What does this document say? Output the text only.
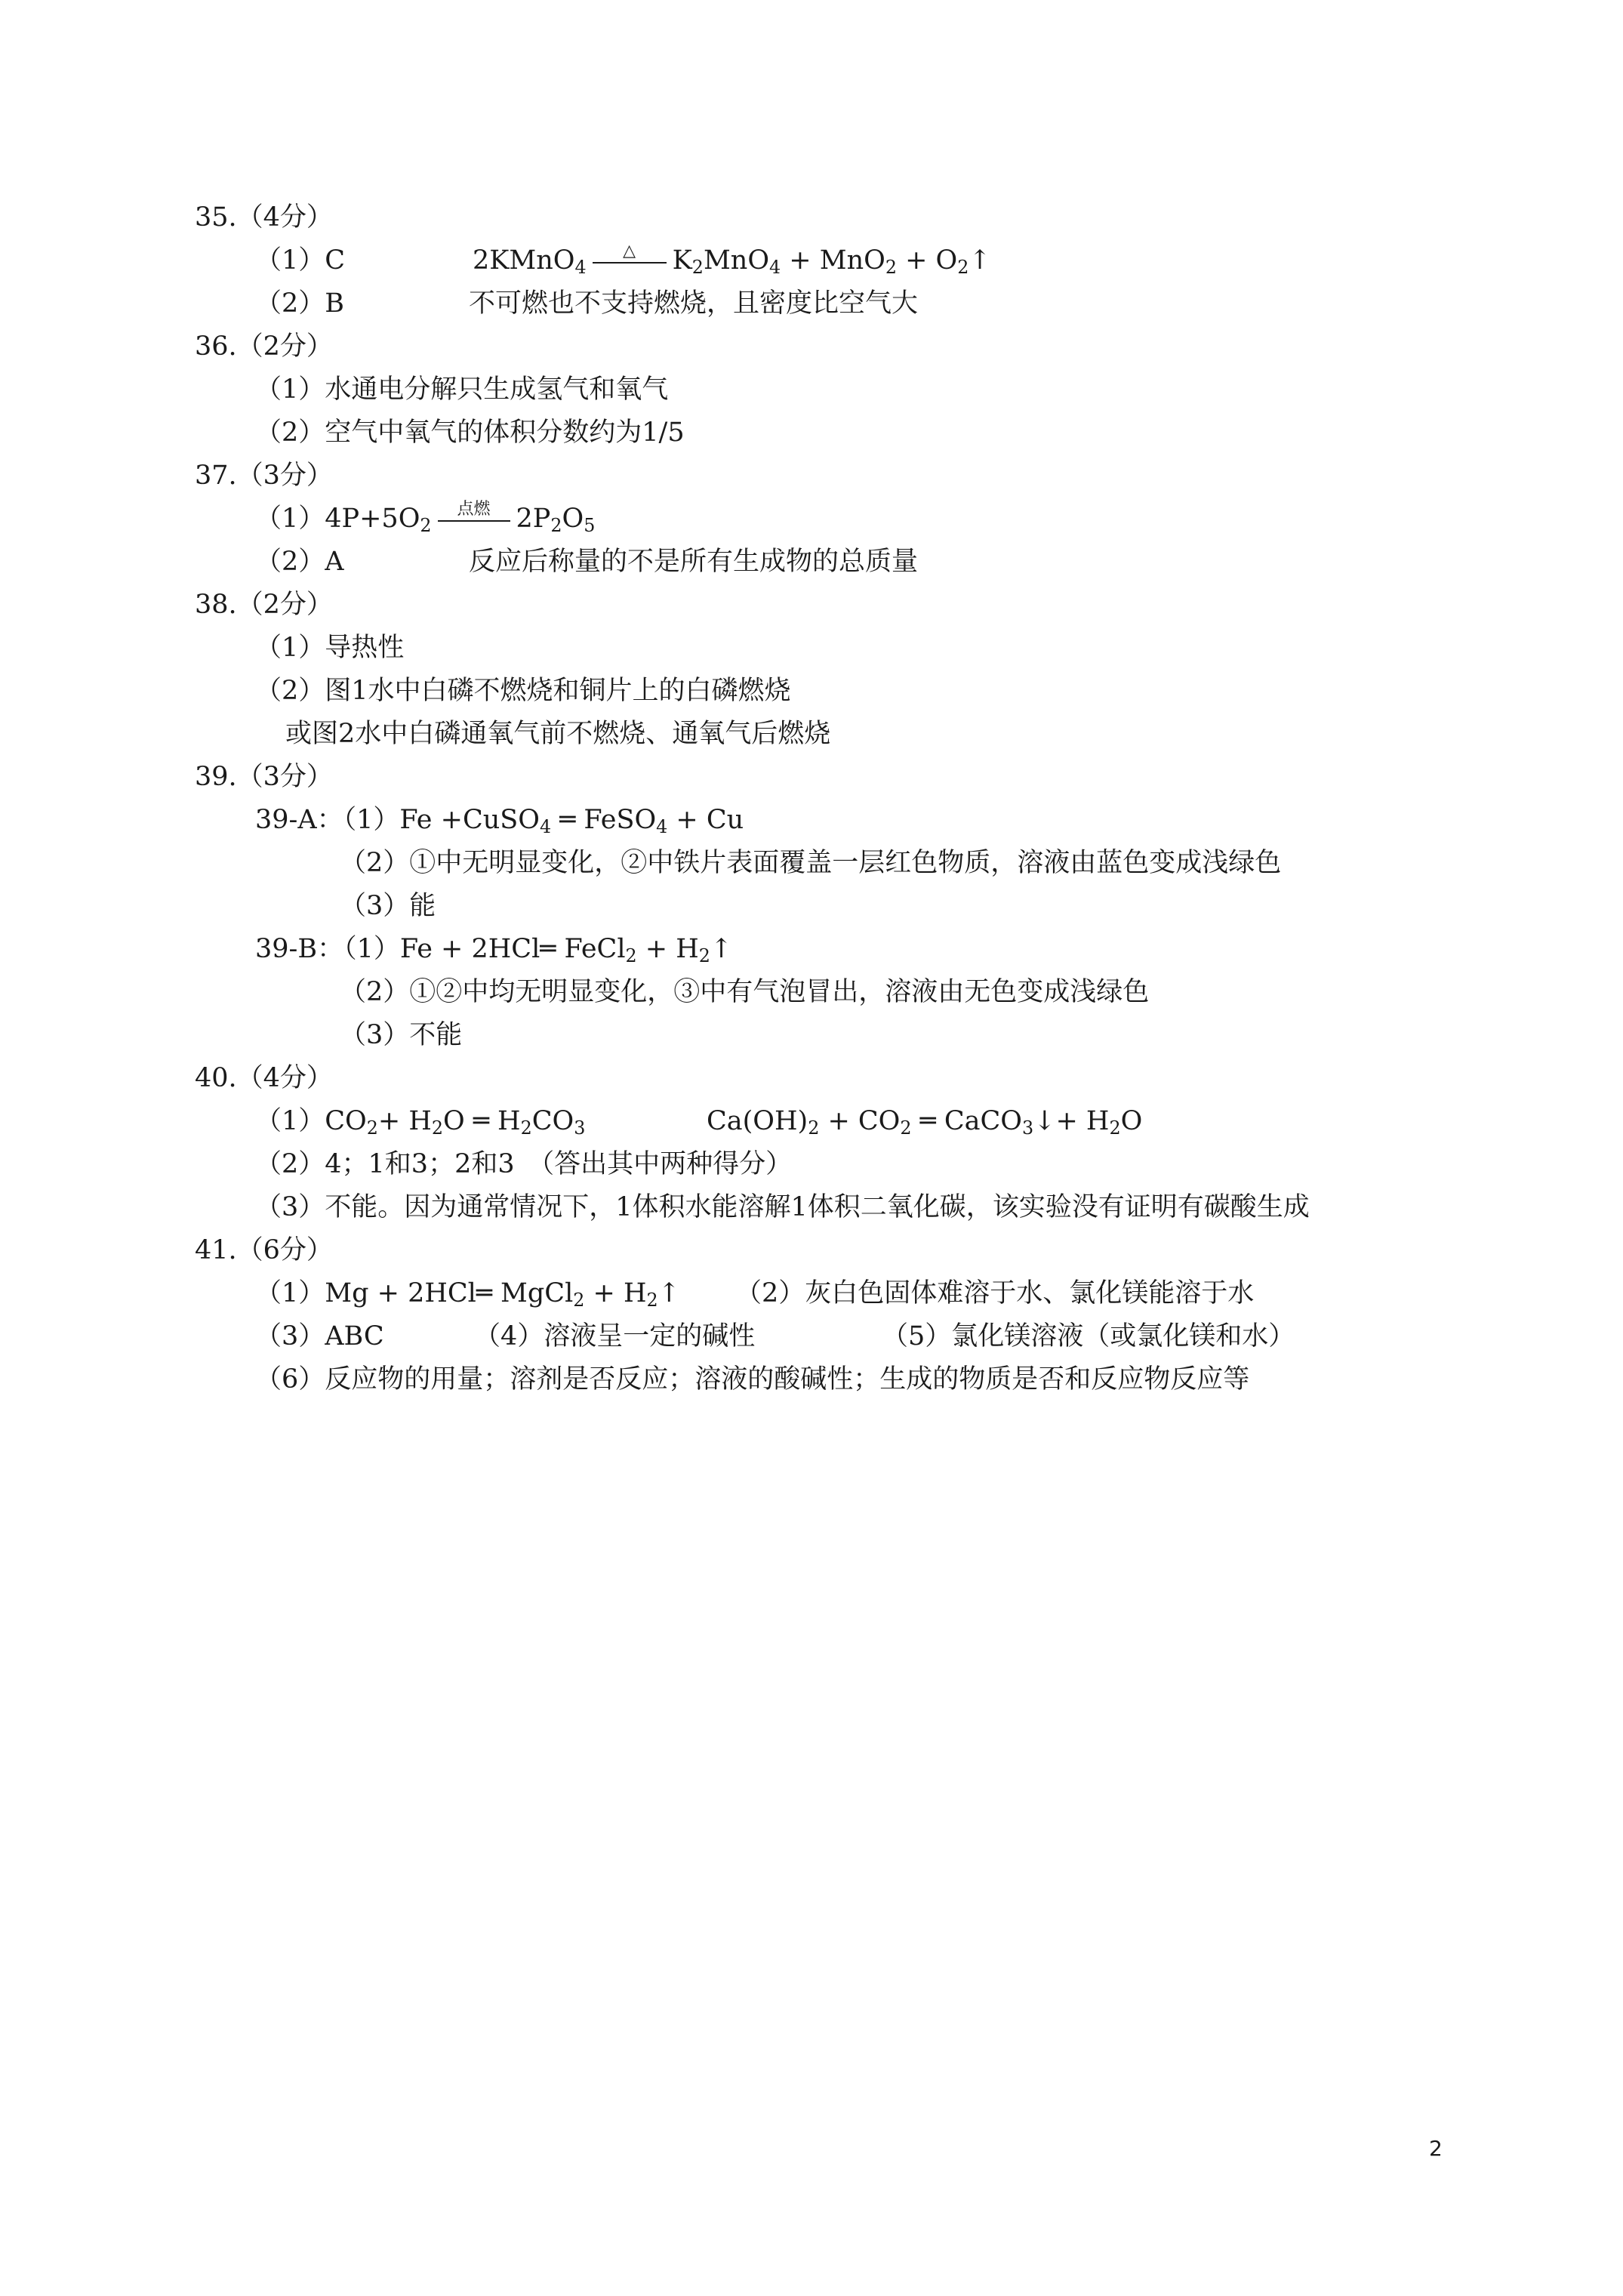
35.（4分）
（1）C	2KMnO$_4$
△	$K_2MnO_4 + MnO_2$ + $O_2↑$
（2）B	不可燃也不支持燃烧，且密度比空气大
36.（2分）
（1）水通电分解只生成氢气和氧气
（2）空气中氧气的体积分数约为1/5
37.（3分）
$(1)4P+5O_2$
点燃 $2P_2O_5$
（2）A	反应后称量的不是所有生成物的总质量
38.（2分）
（1）导热性
（2）图1水中白磷不燃烧和铜片上的白磷燃烧
或图2水中白磷通氧气前不燃烧、通氧气后燃烧
39.（3分）
39-A：（1）Fe +CuSO$_4$ ═ FeSO$_4$ + Cu
（2）①中无明显变化，②中铁片表面覆盖一层红色物质，溶液由蓝色变成浅绿色
（3）能
39-B：（1）Fe + 2HCl═ FeCl$_2$ + $H_2↑$
（2）①②中均无明显变化，③中有气泡冒出，溶液由无色变成浅绿色
（3）不能
40.（4分）
$(1)CO_2+ H_2O$ ═ $H_2CO_3$	$Ca(OH)_2 + CO_2$ ═ CaCO$_3$↓+ $H_2O$
（2）4；1和3；2和3　（答出其中两种得分）
（3）不能。因为通常情况下，1体积水能溶解1体积二氧化碳，该实验没有证明有碳酸生成
41.（6分）
（1）Mg + 2HCl═ MgCl$_2$ + $H_2↑$ （2）灰白色固体难溶于水、氯化镁能溶于水
（3）ABC	（4）溶液呈一定的碱性	（5）氯化镁溶液（或氯化镁和水）
（6）反应物的用量；溶剂是否反应；溶液的酸碱性；生成的物质是否和反应物反应等
2
